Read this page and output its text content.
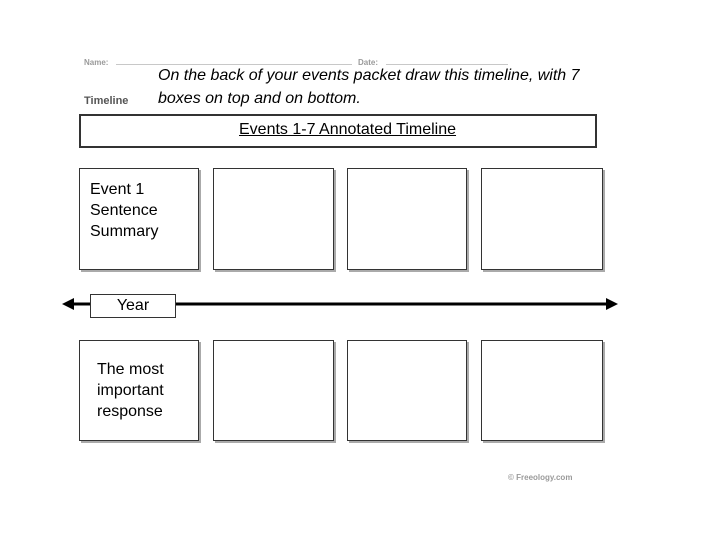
Name:	Date:
Timeline
On the back of your events packet draw this timeline, with 7
boxes on top and on bottom.
Events 1-7 Annotated Timeline
Event 1
Sentence
Summary
Year
The most
important
response
© Freeology.com
